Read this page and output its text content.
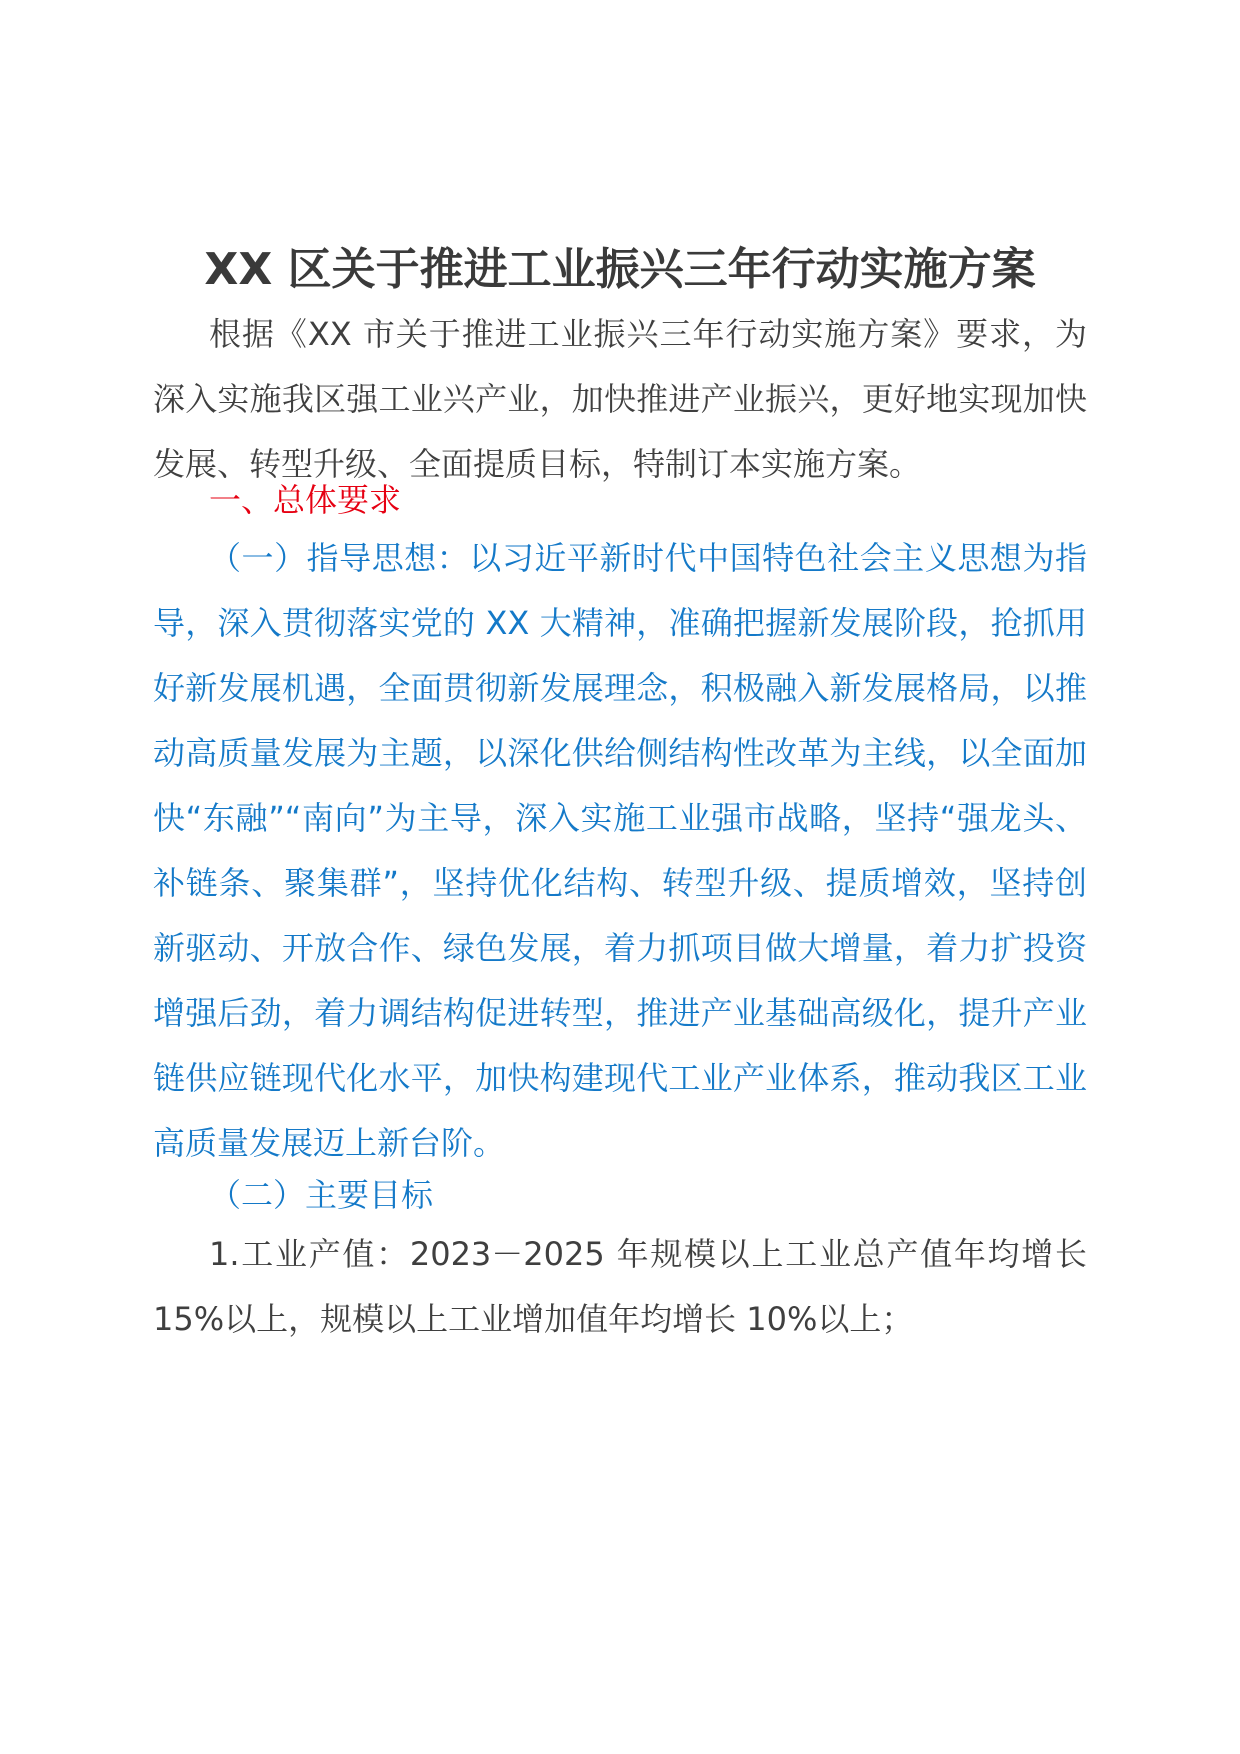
XX 区关于推进工业振兴三年行动实施方案

根据《XX 市关于推进工业振兴三年行动实施方案》要求，为深入实施我区强工业兴产业，加快推进产业振兴，更好地实现加快发展、转型升级、全面提质目标，特制订本实施方案。

一、总体要求

（一）指导思想：以习近平新时代中国特色社会主义思想为指导，深入贯彻落实党的 XX 大精神，准确把握新发展阶段，抢抓用好新发展机遇，全面贯彻新发展理念，积极融入新发展格局，以推动高质量发展为主题，以深化供给侧结构性改革为主线，以全面加快“东融”“南向”为主导，深入实施工业强市战略，坚持“强龙头、补链条、聚集群”，坚持优化结构、转型升级、提质增效，坚持创新驱动、开放合作、绿色发展，着力抓项目做大增量，着力扩投资增强后劲，着力调结构促进转型，推进产业基础高级化，提升产业链供应链现代化水平，加快构建现代工业产业体系，推动我区工业高质量发展迈上新台阶。

（二）主要目标

1.工业产值：2023－2025 年规模以上工业总产值年均增长 15%以上，规模以上工业增加值年均增长 10%以上；
